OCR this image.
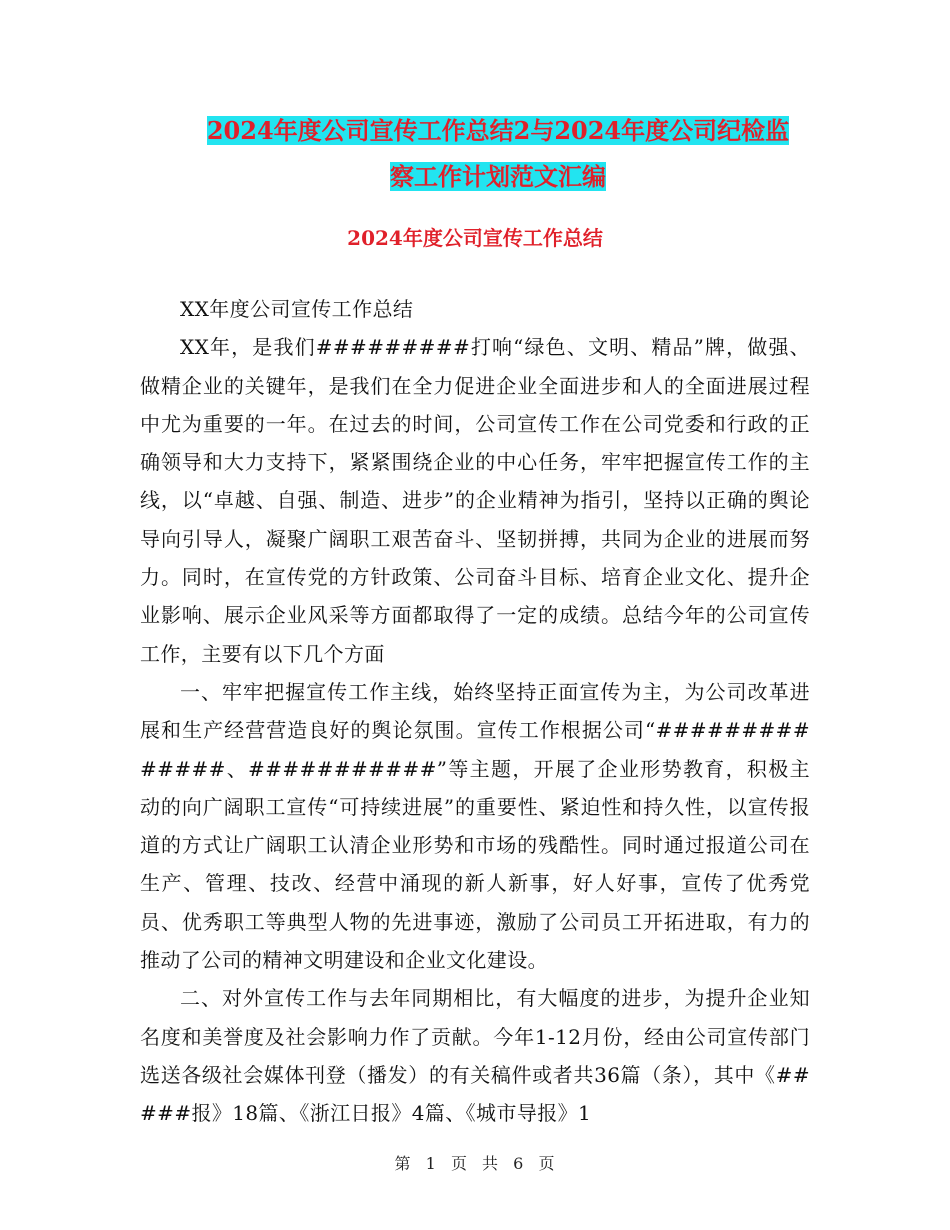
2024年度公司宣传工作总结2与2024年度公司纪检监
察工作计划范文汇编
2024年度公司宣传工作总结

XX年度公司宣传工作总结

XX年，是我们#########打响“绿色、文明、精品”牌，做强、做精企业的关键年，是我们在全力促进企业全面进步和人的全面进展过程中尤为重要的一年。在过去的时间，公司宣传工作在公司党委和行政的正确领导和大力支持下，紧紧围绕企业的中心任务，牢牢把握宣传工作的主线，以“卓越、自强、制造、进步”的企业精神为指引，坚持以正确的舆论导向引导人，凝聚广阔职工艰苦奋斗、坚韧拼搏，共同为企业的进展而努力。同时，在宣传党的方针政策、公司奋斗目标、培育企业文化、提升企业影响、展示企业风采等方面都取得了一定的成绩。总结今年的公司宣传工作，主要有以下几个方面

一、牢牢把握宣传工作主线，始终坚持正面宣传为主，为公司改革进展和生产经营营造良好的舆论氛围。宣传工作根据公司“##############、###########”等主题，开展了企业形势教育，积极主动的向广阔职工宣传“可持续进展”的重要性、紧迫性和持久性，以宣传报道的方式让广阔职工认清企业形势和市场的残酷性。同时通过报道公司在生产、管理、技改、经营中涌现的新人新事，好人好事，宣传了优秀党员、优秀职工等典型人物的先进事迹，激励了公司员工开拓进取，有力的推动了公司的精神文明建设和企业文化建设。

二、对外宣传工作与去年同期相比，有大幅度的进步，为提升企业知名度和美誉度及社会影响力作了贡献。今年1-12月份，经由公司宣传部门选送各级社会媒体刊登（播发）的有关稿件或者共36篇（条），其中《#####报》18篇、《浙江日报》4篇、《城市导报》1

第 1 页 共 6 页
